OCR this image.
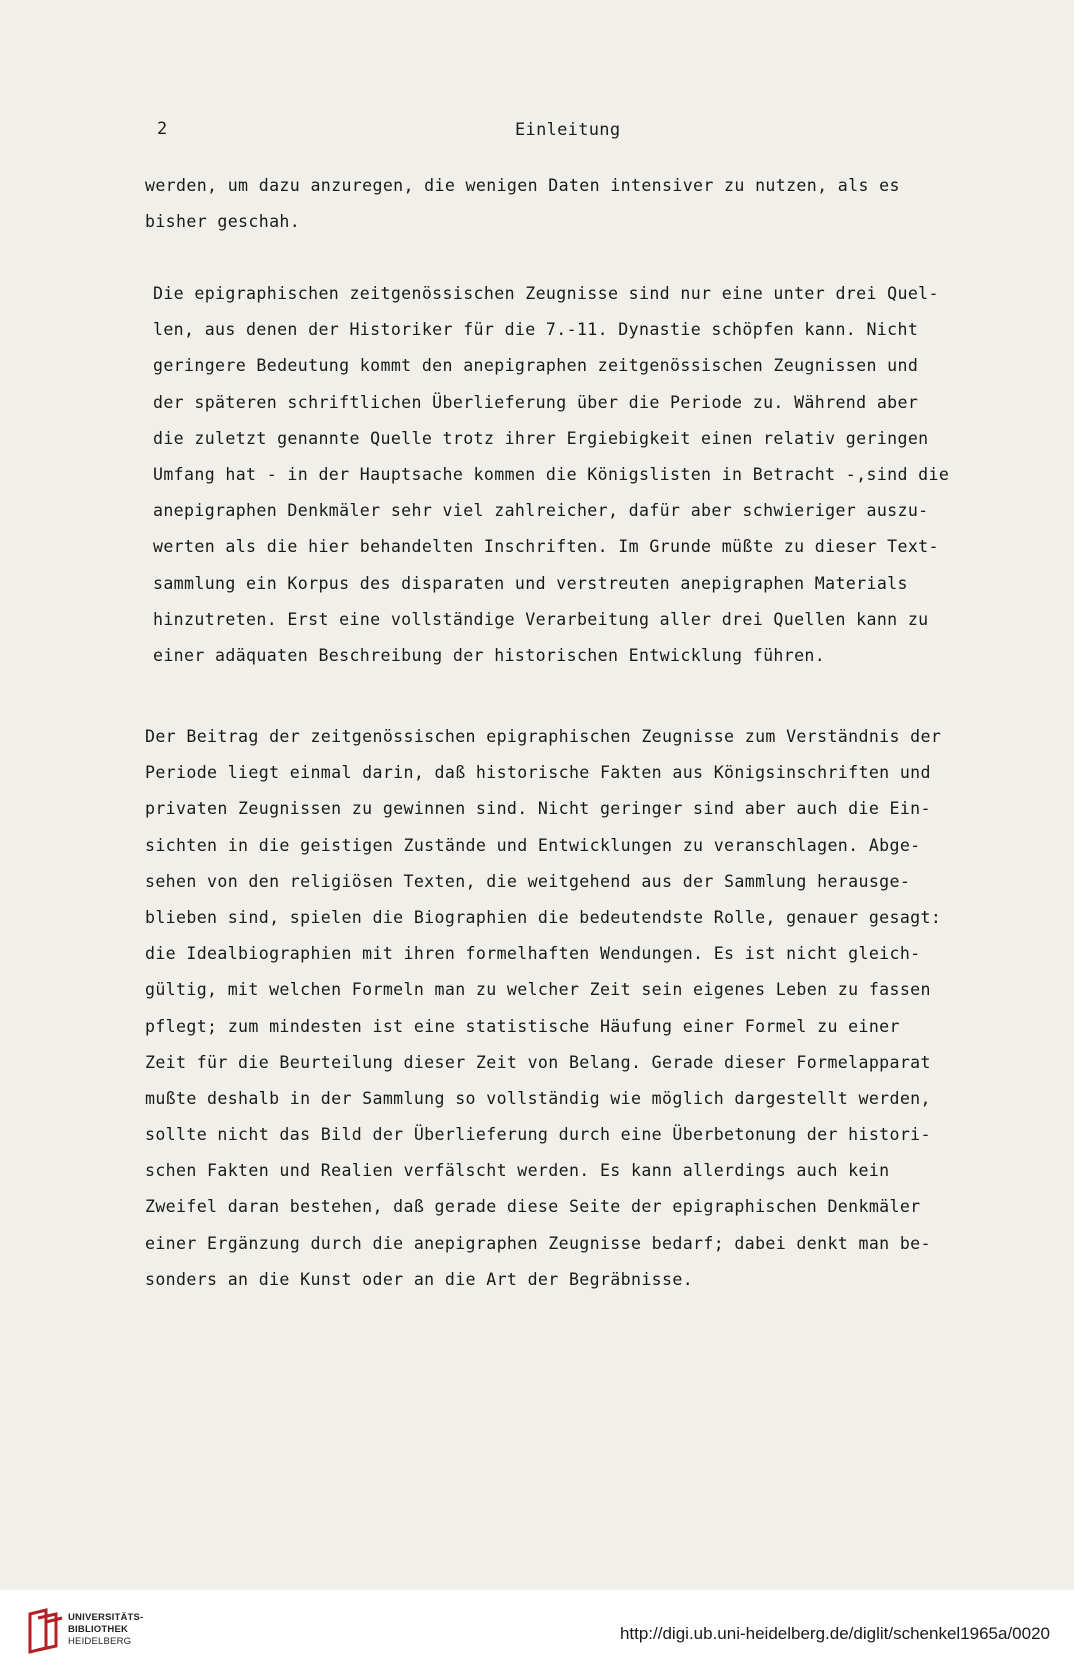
2	Einleitung
werden, um dazu anzuregen, die wenigen Daten intensiver zu nutzen, als es
bisher geschah.
Die epigraphischen zeitgenössischen Zeugnisse sind nur eine unter drei Quel-
len, aus denen der Historiker für die 7.-11. Dynastie schöpfen kann. Nicht
geringere Bedeutung kommt den anepigraphen zeitgenössischen Zeugnissen und
der späteren schriftlichen Überlieferung über die Periode zu. Während aber
die zuletzt genannte Quelle trotz ihrer Ergiebigkeit einen relativ geringen
Umfang hat - in der Hauptsache kommen die Königslisten in Betracht -,sind die
anepigraphen Denkmäler sehr viel zahlreicher, dafür aber schwieriger auszu-
werten als die hier behandelten Inschriften. Im Grunde müßte zu dieser Text-
sammlung ein Korpus des disparaten und verstreuten anepigraphen Materials
hinzutreten. Erst eine vollständige Verarbeitung aller drei Quellen kann zu
einer adäquaten Beschreibung der historischen Entwicklung führen.
Der Beitrag der zeitgenössischen epigraphischen Zeugnisse zum Verständnis der
Periode liegt einmal darin, daß historische Fakten aus Königsinschriften und
privaten Zeugnissen zu gewinnen sind. Nicht geringer sind aber auch die Ein-
sichten in die geistigen Zustände und Entwicklungen zu veranschlagen. Abge-
sehen von den religiösen Texten, die weitgehend aus der Sammlung herausge-
blieben sind, spielen die Biographien die bedeutendste Rolle, genauer gesagt:
die Idealbiographien mit ihren formelhaften Wendungen. Es ist nicht gleich-
gültig, mit welchen Formeln man zu welcher Zeit sein eigenes Leben zu fassen
pflegt; zum mindesten ist eine statistische Häufung einer Formel zu einer
Zeit für die Beurteilung dieser Zeit von Belang. Gerade dieser Formelapparat
mußte deshalb in der Sammlung so vollständig wie möglich dargestellt werden,
sollte nicht das Bild der Überlieferung durch eine Überbetonung der histori-
schen Fakten und Realien verfälscht werden. Es kann allerdings auch kein
Zweifel daran bestehen, daß gerade diese Seite der epigraphischen Denkmäler
einer Ergänzung durch die anepigraphen Zeugnisse bedarf; dabei denkt man be-
sonders an die Kunst oder an die Art der Begräbnisse.
UNIVERSITÄTS-
BIBLIOTHEK
HEIDELBERG	http://digi.ub.uni-heidelberg.de/diglit/schenkel1965a/0020
